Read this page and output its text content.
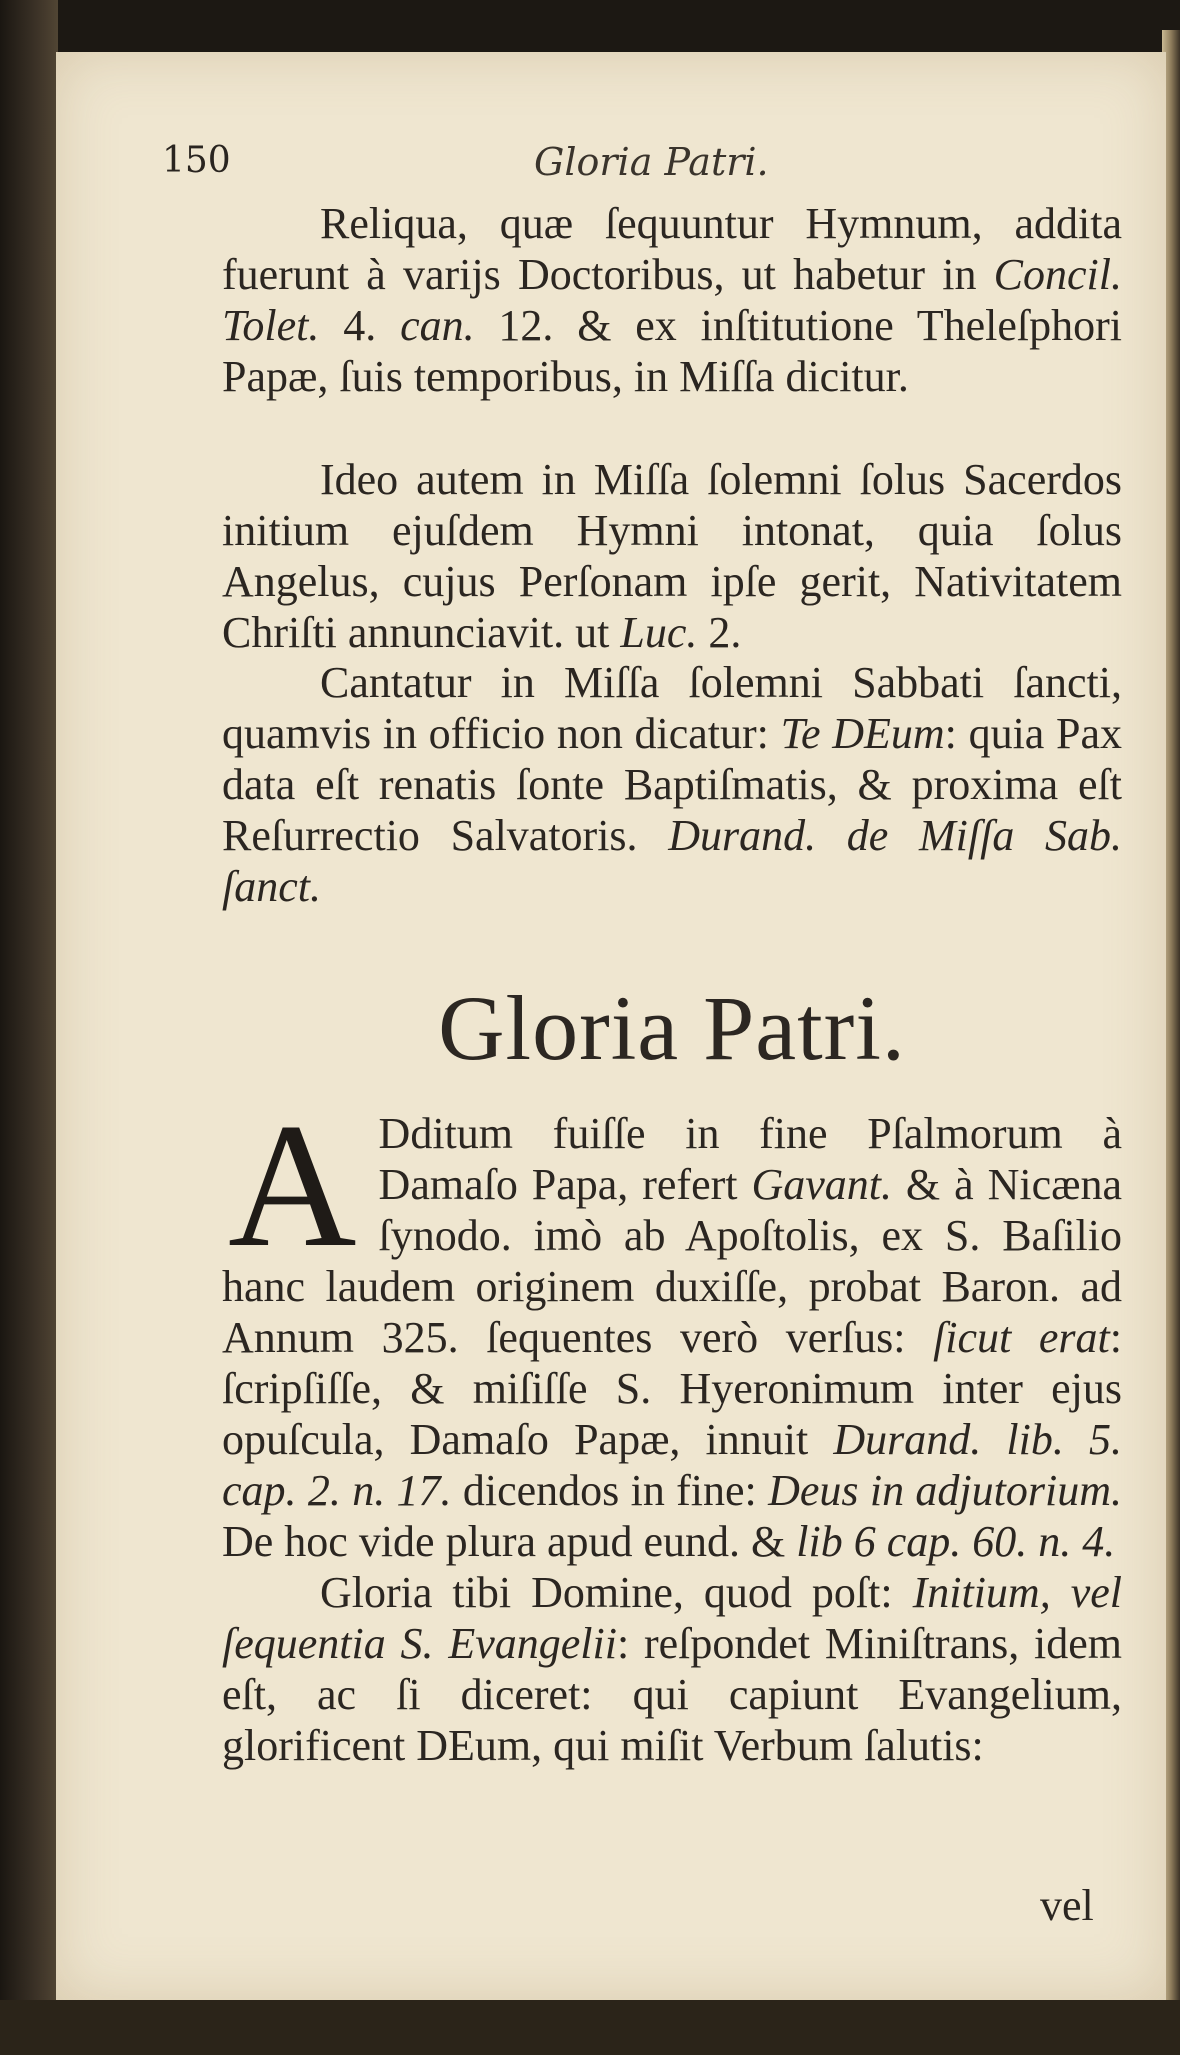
150	Gloria Patri.

Reliqua, quæ ſequuntur Hymnum, addita fuerunt à varijs Doctoribus, ut habetur in Concil. Tolet. 4. can. 12. & ex inſtitutione Theleſphori Papæ, ſuis temporibus, in Miſſa dicitur.

Ideo autem in Miſſa ſolemni ſolus Sacerdos initium ejuſdem Hymni intonat, quia ſolus Angelus, cujus Perſonam ipſe gerit, Nativitatem Chriſti annunciavit. ut Luc. 2.

Cantatur in Miſſa ſolemni Sabbati ſancti, quamvis in officio non dicatur: Te DEum: quia Pax data eſt renatis ſonte Baptiſmatis, & proxima eſt Reſurrectio Salvatoris. Durand. de Miſſa Sab. ſanct.

Gloria Patri.
A Dditum fuiſſe in fine Pſalmorum à Damaſo Papa, refert Gavant. & à Nicæna ſynodo. imò ab Apoſtolis, ex S. Baſilio hanc laudem originem duxiſſe, probat Baron. ad Annum 325. ſequentes verò verſus: ſicut erat: ſcripſiſſe, & miſiſſe S. Hyeronimum inter ejus opuſcula, Damaſo Papæ, innuit Durand. lib. 5. cap. 2. n. 17. dicendos in fine: Deus in adjutorium. De hoc vide plura apud eund. & lib 6 cap. 60. n. 4.

Gloria tibi Domine, quod poſt: Initium, vel ſequentia S. Evangelii: reſpondet Miniſtrans, idem eſt, ac ſi diceret: qui capiunt Evangelium, glorificent DEum, qui miſit Verbum ſalutis:

vel
